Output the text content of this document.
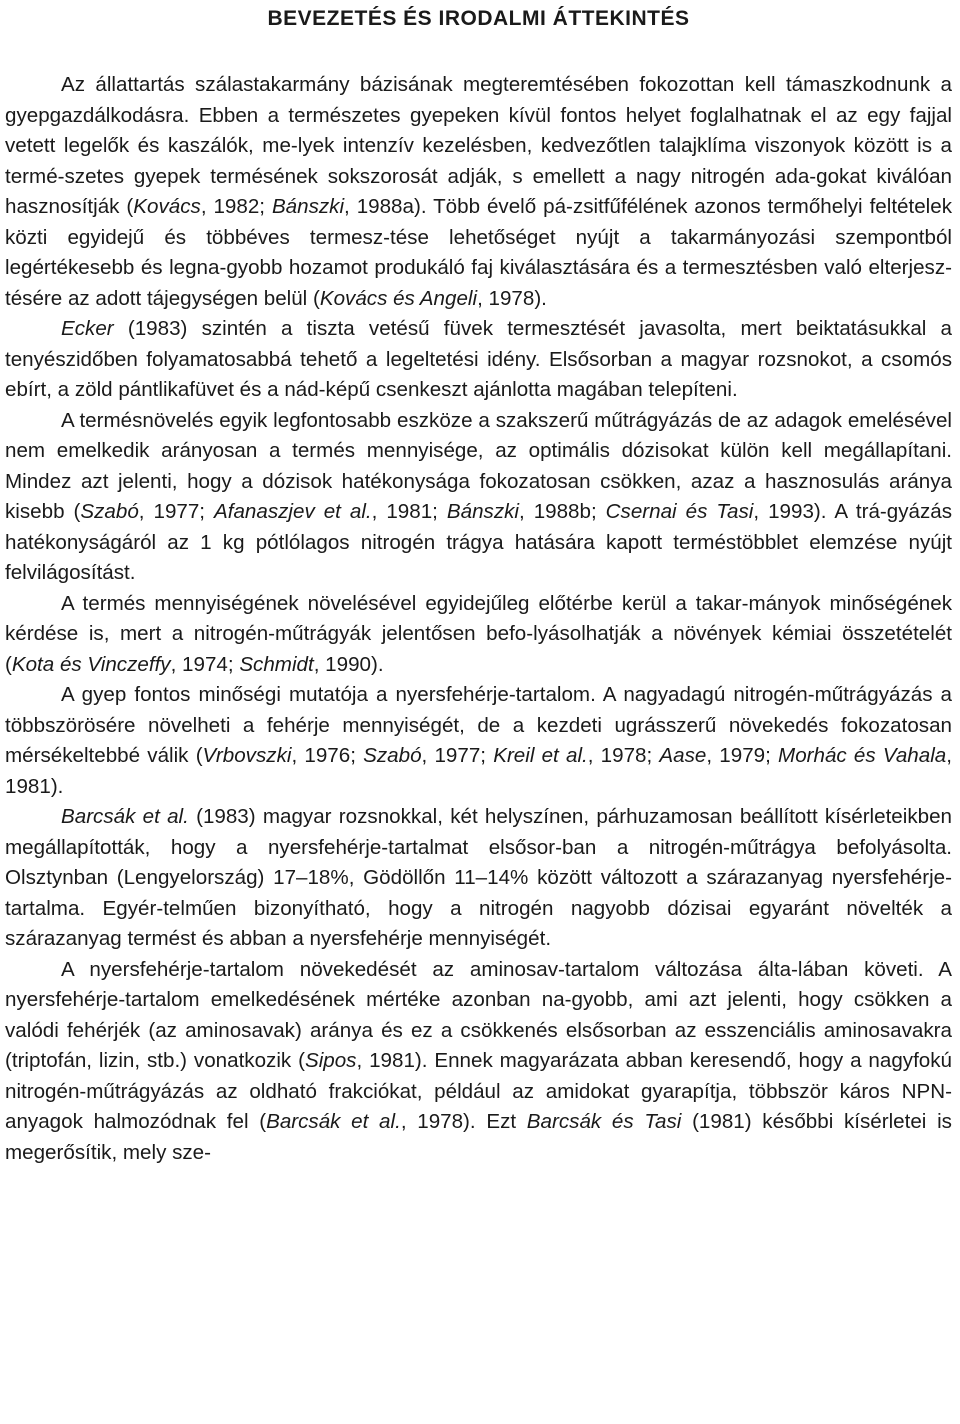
BEVEZETÉS ÉS IRODALMI ÁTTEKINTÉS

Az állattartás szálastakarmány bázisának megteremtésében fokozottan kell támaszkodnunk a gyepgazdálkodásra. Ebben a természetes gyepeken kívül fontos helyet foglalhatnak el az egy fajjal vetett legelők és kaszálók, me-lyek intenzív kezelésben, kedvezőtlen talajklíma viszonyok között is a termé-szetes gyepek termésének sokszorosát adják, s emellett a nagy nitrogén ada-gokat kiválóan hasznosítják (Kovács, 1982; Bánszki, 1988a). Több évelő pá-zsitfűfélének azonos termőhelyi feltételek közti egyidejű és többéves termesz-tése lehetőséget nyújt a takarmányozási szempontból legértékesebb és legna-gyobb hozamot produkáló faj kiválasztására és a termesztésben való elterjesz-tésére az adott tájegységen belül (Kovács és Angeli, 1978).

Ecker (1983) szintén a tiszta vetésű füvek termesztését javasolta, mert beiktatásukkal a tenyészidőben folyamatosabbá tehető a legeltetési idény. Elsősorban a magyar rozsnokot, a csomós ebírt, a zöld pántlikafüvet és a nád-képű csenkeszt ajánlotta magában telepíteni.

A termésnövelés egyik legfontosabb eszköze a szakszerű műtrágyázás de az adagok emelésével nem emelkedik arányosan a termés mennyisége, az optimális dózisokat külön kell megállapítani. Mindez azt jelenti, hogy a dózisok hatékonysága fokozatosan csökken, azaz a hasznosulás aránya kisebb (Szabó, 1977; Afanaszjev et al., 1981; Bánszki, 1988b; Csernai és Tasi, 1993). A trá-gyázás hatékonyságáról az 1 kg pótlólagos nitrogén trágya hatására kapott terméstöbblet elemzése nyújt felvilágosítást.

A termés mennyiségének növelésével egyidejűleg előtérbe kerül a takar-mányok minőségének kérdése is, mert a nitrogén-műtrágyák jelentősen befo-lyásolhatják a növények kémiai összetételét (Kota és Vinczeffy, 1974; Schmidt, 1990).

A gyep fontos minőségi mutatója a nyersfehérje-tartalom. A nagyadagú nitrogén-műtrágyázás a többszörösére növelheti a fehérje mennyiségét, de a kezdeti ugrásszerű növekedés fokozatosan mérsékeltebbé válik (Vrbovszki, 1976; Szabó, 1977; Kreil et al., 1978; Aase, 1979; Morhác és Vahala, 1981).

Barcsák et al. (1983) magyar rozsnokkal, két helyszínen, párhuzamosan beállított kísérleteikben megállapították, hogy a nyersfehérje-tartalmat elsősor-ban a nitrogén-műtrágya befolyásolta. Olsztynban (Lengyelország) 17–18%, Gödöllőn 11–14% között változott a szárazanyag nyersfehérje-tartalma. Egyér-telműen bizonyítható, hogy a nitrogén nagyobb dózisai egyaránt növelték a szárazanyag termést és abban a nyersfehérje mennyiségét.

A nyersfehérje-tartalom növekedését az aminosav-tartalom változása álta-lában követi. A nyersfehérje-tartalom emelkedésének mértéke azonban na-gyobb, ami azt jelenti, hogy csökken a valódi fehérjék (az aminosavak) aránya és ez a csökkenés elsősorban az esszenciális aminosavakra (triptofán, lizin, stb.) vonatkozik (Sipos, 1981). Ennek magyarázata abban keresendő, hogy a nagyfokú nitrogén-műtrágyázás az oldható frakciókat, például az amidokat gyarapítja, többször káros NPN-anyagok halmozódnak fel (Barcsák et al., 1978). Ezt Barcsák és Tasi (1981) későbbi kísérletei is megerősítik, mely sze-
